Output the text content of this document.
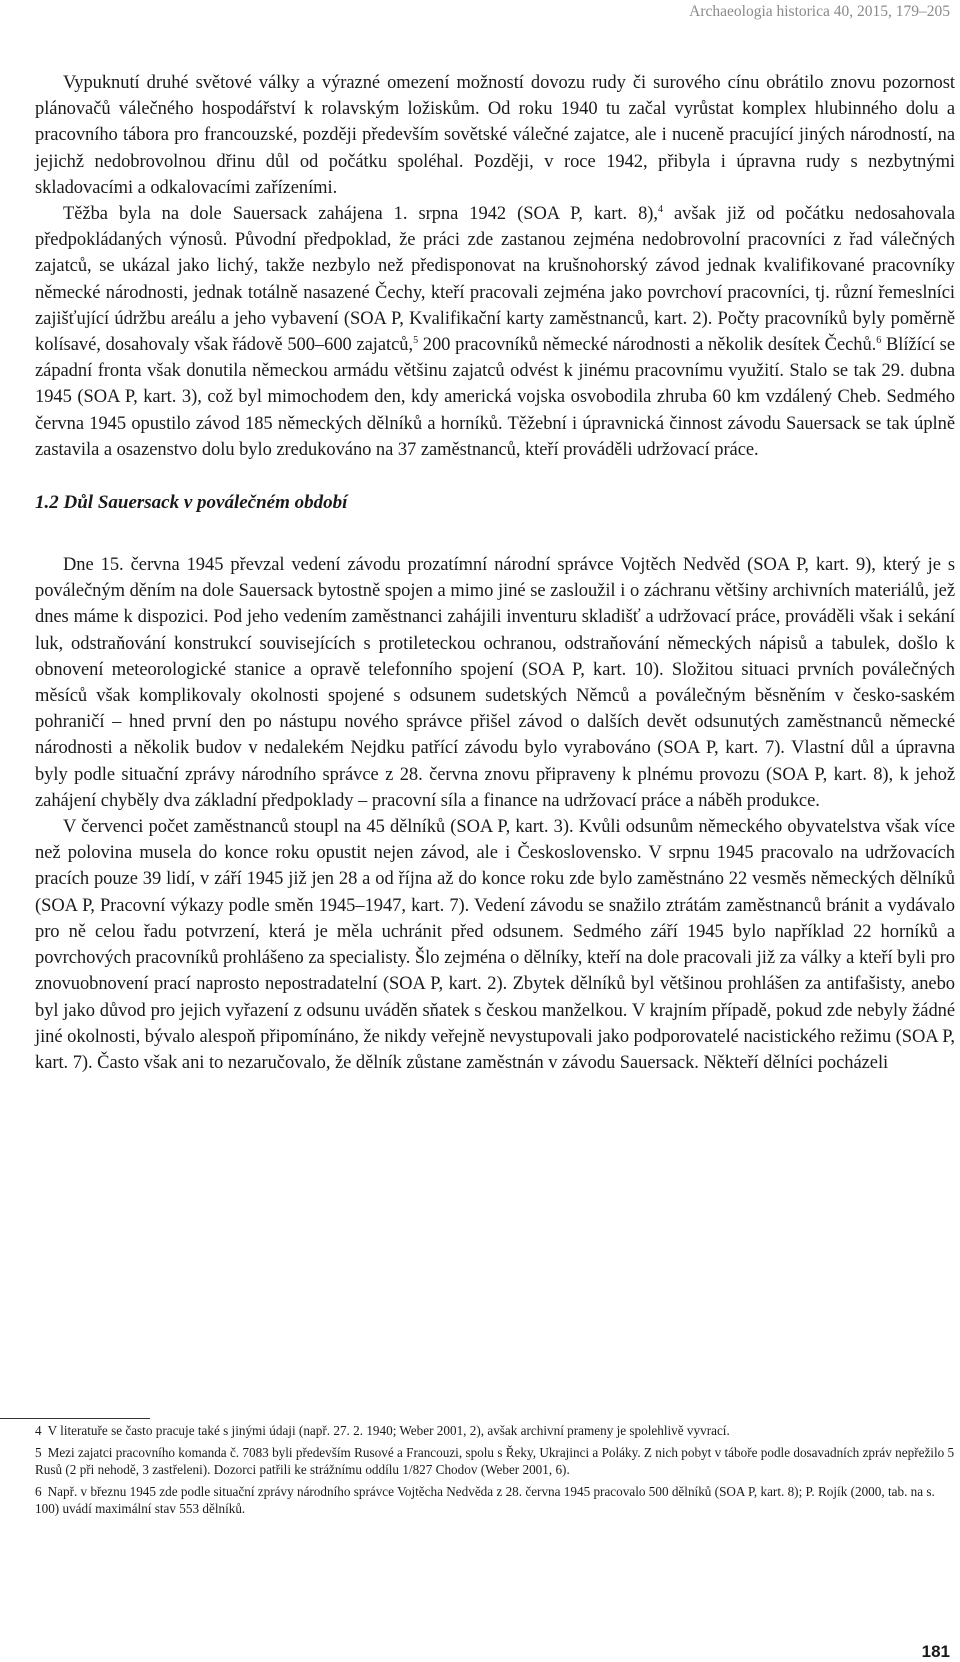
Archaeologia historica 40, 2015, 179–205

Vypuknutí druhé světové války a výrazné omezení možností dovozu rudy či surového cínu obrátilo znovu pozornost plánovačů válečného hospodářství k rolavským ložiskům. Od roku 1940 tu začal vyrůstat komplex hlubinného dolu a pracovního tábora pro francouzské, později především sovětské válečné zajatce, ale i nuceně pracující jiných národností, na jejichž nedobrovolnou dřinu důl od počátku spoléhal. Později, v roce 1942, přibyla i úpravna rudy s nezbytnými skladovacími a odkalovacími zařízeními.

Těžba byla na dole Sauersack zahájena 1. srpna 1942 (SOA P, kart. 8),$^4$ avšak již od počátku nedosahovala předpokládaných výnosů. Původní předpoklad, že práci zde zastanou zejména nedobrovolní pracovníci z řad válečných zajatců, se ukázal jako lichý, takže nezbylo než předisponovat na krušnohorský závod jednak kvalifikované pracovníky německé národnosti, jednak totálně nasazené Čechy, kteří pracovali zejména jako povrchoví pracovníci, tj. různí řemeslníci zajišťující údržbu areálu a jeho vybavení (SOA P, Kvalifikační karty zaměstnanců, kart. 2). Počty pracovníků byly poměrně kolísavé, dosahovaly však řádově 500–600 zajatců,$^5$ 200 pracovníků německé národnosti a několik desítek Čechů.$^6$ Blížící se západní fronta však donutila německou armádu většinu zajatců odvést k jinému pracovnímu využití. Stalo se tak 29. dubna 1945 (SOA P, kart. 3), což byl mimochodem den, kdy americká vojska osvobodila zhruba 60 km vzdálený Cheb. Sedmého června 1945 opustilo závod 185 německých dělníků a horníků. Těžební i úpravnická činnost závodu Sauersack se tak úplně zastavila a osazenstvo dolu bylo zredukováno na 37 zaměstnanců, kteří prováděli udržovací práce.

1.2 Důl Sauersack v poválečném období

Dne 15. června 1945 převzal vedení závodu prozatímní národní správce Vojtěch Nedvěd (SOA P, kart. 9), který je s poválečným děním na dole Sauersack bytostně spojen a mimo jiné se zasloužil i o záchranu většiny archivních materiálů, jež dnes máme k dispozici. Pod jeho vedením zaměstnanci zahájili inventuru skladišť a udržovací práce, prováděli však i sekání luk, odstraňování konstrukcí souvisejících s protileteckou ochranou, odstraňování německých nápisů a tabulek, došlo k obnovení meteorologické stanice a opravě telefonního spojení (SOA P, kart. 10). Složitou situaci prvních poválečných měsíců však komplikovaly okolnosti spojené s odsunem sudetských Němců a poválečným běsněním v česko-saském pohraničí – hned první den po nástupu nového správce přišel závod o dalších devět odsunutých zaměstnanců německé národnosti a několik budov v nedalekém Nejdku patřící závodu bylo vyrabováno (SOA P, kart. 7). Vlastní důl a úpravna byly podle situační zprávy národního správce z 28. června znovu připraveny k plnému provozu (SOA P, kart. 8), k jehož zahájení chyběly dva základní předpoklady – pracovní síla a finance na udržovací práce a náběh produkce.

V červenci počet zaměstnanců stoupl na 45 dělníků (SOA P, kart. 3). Kvůli odsunům německého obyvatelstva však více než polovina musela do konce roku opustit nejen závod, ale i Československo. V srpnu 1945 pracovalo na udržovacích pracích pouze 39 lidí, v září 1945 již jen 28 a od října až do konce roku zde bylo zaměstnáno 22 vesměs německých dělníků (SOA P, Pracovní výkazy podle směn 1945–1947, kart. 7). Vedení závodu se snažilo ztrátám zaměstnanců bránit a vydávalo pro ně celou řadu potvrzení, která je měla uchránit před odsunem. Sedmého září 1945 bylo například 22 horníků a povrchových pracovníků prohlášeno za specialisty. Šlo zejména o dělníky, kteří na dole pracovali již za války a kteří byli pro znovuobnovení prací naprosto nepostradatelní (SOA P, kart. 2). Zbytek dělníků byl většinou prohlášen za antifašisty, anebo byl jako důvod pro jejich vyřazení z odsunu uváděn sňatek s českou manželkou. V krajním případě, pokud zde nebyly žádné jiné okolnosti, bývalo alespoň připomínáno, že nikdy veřejně nevystupovali jako podporovatelé nacistického režimu (SOA P, kart. 7). Často však ani to nezaručovalo, že dělník zůstane zaměstnán v závodu Sauersack. Někteří dělníci pocházeli

4 V literatuře se často pracuje také s jinými údaji (např. 27. 2. 1940; Weber 2001, 2), avšak archivní prameny je spolehlivě vyvrací.

5 Mezi zajatci pracovního komanda č. 7083 byli především Rusové a Francouzi, spolu s Řeky, Ukrajinci a Poláky. Z nich pobyt v táboře podle dosavadních zpráv nepřežilo 5 Rusů (2 při nehodě, 3 zastřeleni). Dozorci patřili ke strážnímu oddílu 1/827 Chodov (Weber 2001, 6).

6 Např. v březnu 1945 zde podle situační zprávy národního správce Vojtěcha Nedvěda z 28. června 1945 pracovalo 500 dělníků (SOA P, kart. 8); P. Rojík (2000, tab. na s. 100) uvádí maximální stav 553 dělníků.

181
